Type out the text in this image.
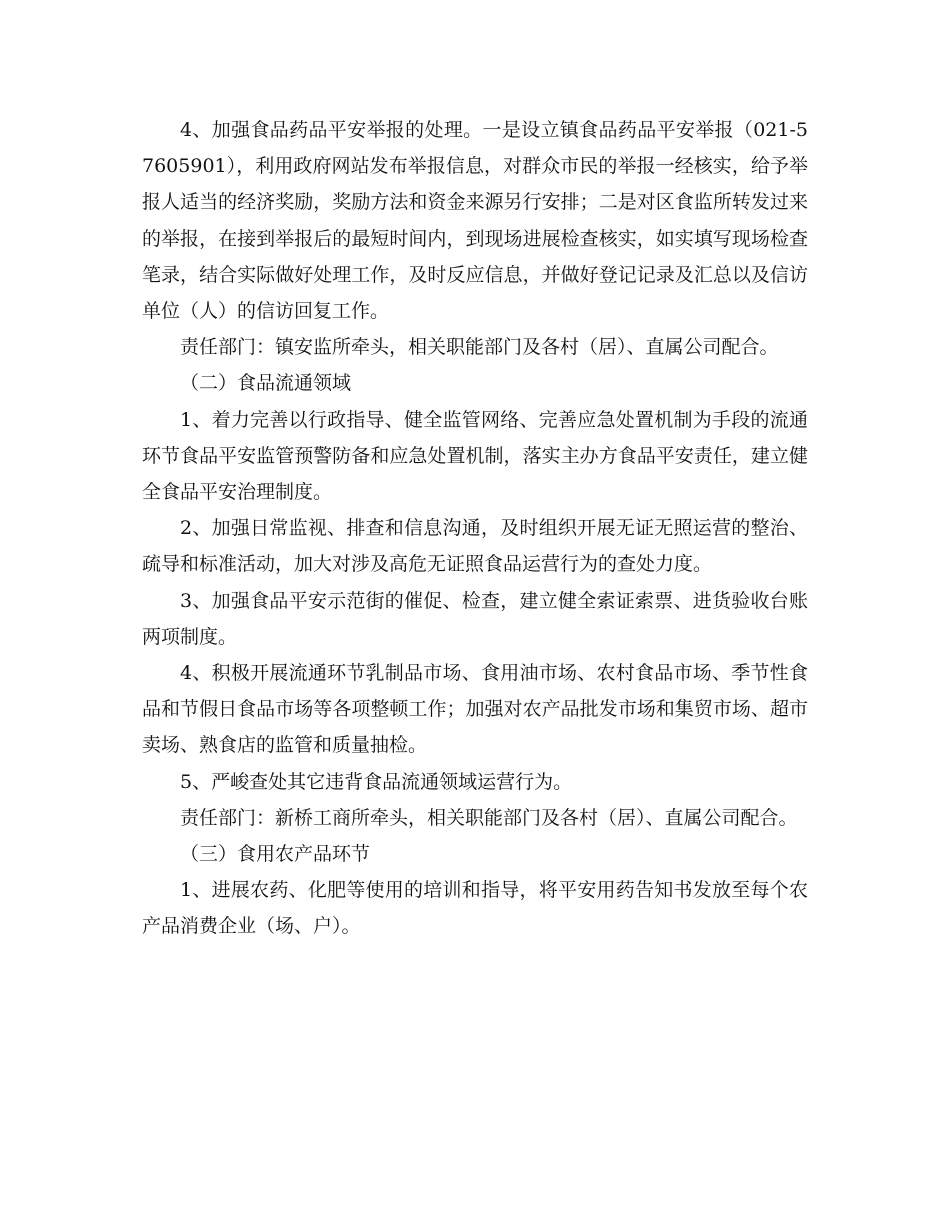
4、加强食品药品平安举报的处理。一是设立镇食品药品平安举报（021-57605901），利用政府网站发布举报信息，对群众市民的举报一经核实，给予举报人适当的经济奖励，奖励方法和资金来源另行安排；二是对区食监所转发过来的举报，在接到举报后的最短时间内，到现场进展检查核实，如实填写现场检查笔录，结合实际做好处理工作，及时反应信息，并做好登记记录及汇总以及信访单位（人）的信访回复工作。

责任部门：镇安监所牵头，相关职能部门及各村（居）、直属公司配合。

（二）食品流通领域

1、着力完善以行政指导、健全监管网络、完善应急处置机制为手段的流通环节食品平安监管预警防备和应急处置机制，落实主办方食品平安责任，建立健全食品平安治理制度。

2、加强日常监视、排查和信息沟通，及时组织开展无证无照运营的整治、疏导和标准活动，加大对涉及高危无证照食品运营行为的查处力度。

3、加强食品平安示范街的催促、检查，建立健全索证索票、进货验收台账两项制度。

4、积极开展流通环节乳制品市场、食用油市场、农村食品市场、季节性食品和节假日食品市场等各项整顿工作；加强对农产品批发市场和集贸市场、超市卖场、熟食店的监管和质量抽检。

5、严峻查处其它违背食品流通领域运营行为。

责任部门：新桥工商所牵头，相关职能部门及各村（居）、直属公司配合。

（三）食用农产品环节

1、进展农药、化肥等使用的培训和指导，将平安用药告知书发放至每个农产品消费企业（场、户）。
